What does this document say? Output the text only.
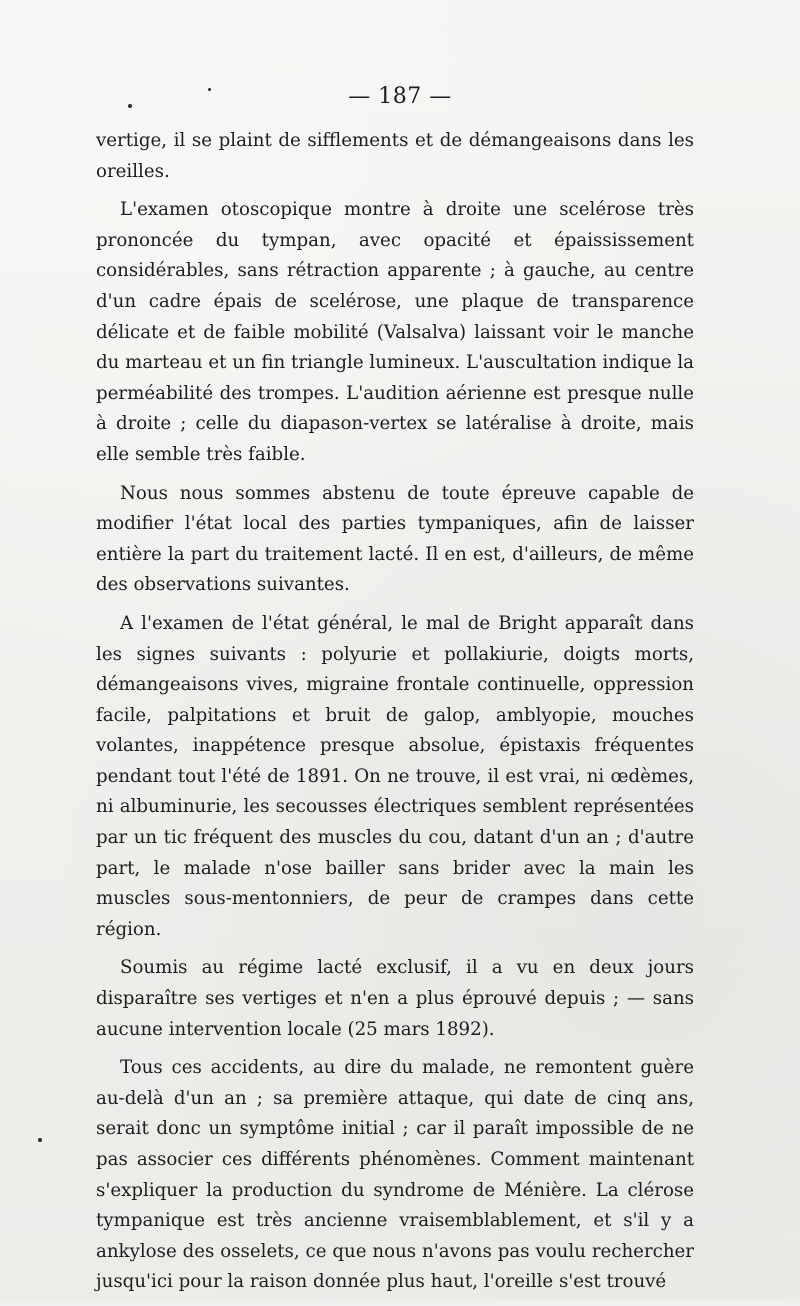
— 187 —

vertige, il se plaint de sifflements et de démangeaisons dans les oreilles.

L'examen otoscopique montre à droite une scelérose très prononcée du tympan, avec opacité et épaississement considérables, sans rétraction apparente ; à gauche, au centre d'un cadre épais de scelérose, une plaque de transparence délicate et de faible mobilité (Valsalva) laissant voir le manche du marteau et un fin triangle lumineux. L'auscultation indique la perméabilité des trompes. L'audition aérienne est presque nulle à droite ; celle du diapason-vertex se latéralise à droite, mais elle semble très faible.

Nous nous sommes abstenu de toute épreuve capable de modifier l'état local des parties tympaniques, afin de laisser entière la part du traitement lacté. Il en est, d'ailleurs, de même des observations suivantes.

A l'examen de l'état général, le mal de Bright apparaît dans les signes suivants : polyurie et pollakiurie, doigts morts, démangeaisons vives, migraine frontale continuelle, oppression facile, palpitations et bruit de galop, amblyopie, mouches volantes, inappétence presque absolue, épistaxis fréquentes pendant tout l'été de 1891. On ne trouve, il est vrai, ni œdèmes, ni albuminurie, les secousses électriques semblent représentées par un tic fréquent des muscles du cou, datant d'un an ; d'autre part, le malade n'ose bailler sans brider avec la main les muscles sous-mentonniers, de peur de crampes dans cette région.

Soumis au régime lacté exclusif, il a vu en deux jours disparaître ses vertiges et n'en a plus éprouvé depuis ; — sans aucune intervention locale (25 mars 1892).

Tous ces accidents, au dire du malade, ne remontent guère au-delà d'un an ; sa première attaque, qui date de cinq ans, serait donc un symptôme initial ; car il paraît impossible de ne pas associer ces différents phénomènes. Comment maintenant s'expliquer la production du syndrome de Ménière. La clérose tympanique est très ancienne vraisemblablement, et s'il y a ankylose des osselets, ce que nous n'avons pas voulu rechercher jusqu'ici pour la raison donnée plus haut, l'oreille s'est trouvé
